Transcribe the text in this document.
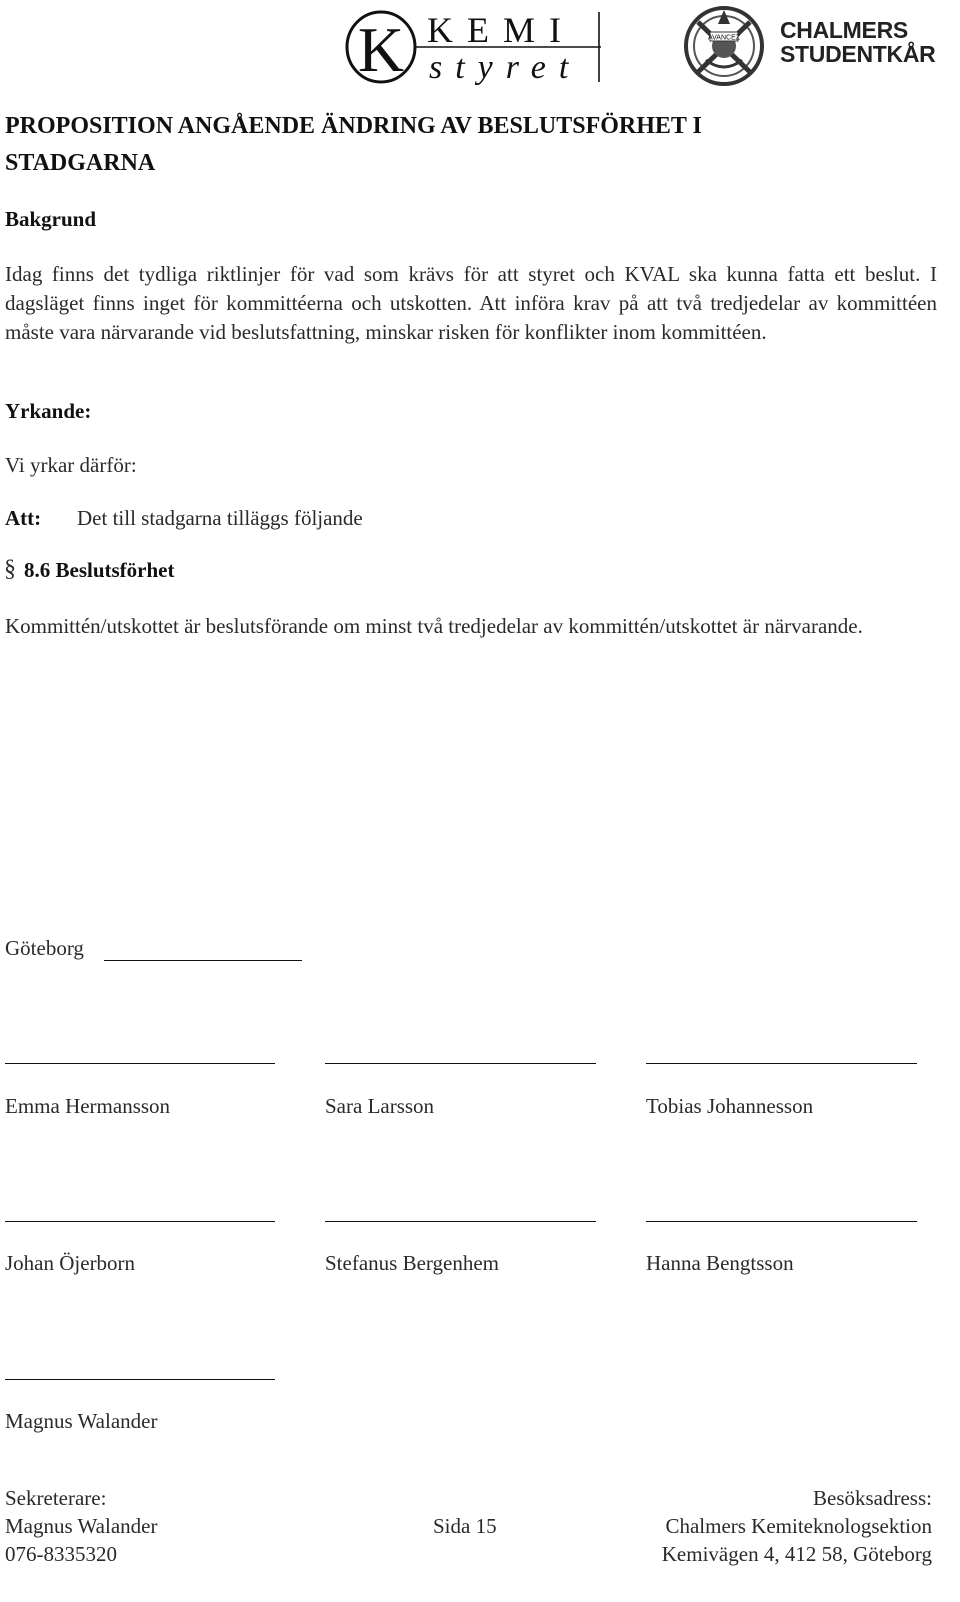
K KEMI
styret
AVANCEZ CHALMERS
STUDENTKÅR
PROPOSITION ANGÅENDE ÄNDRING AV BESLUTSFÖRHET I
STADGARNA
Bakgrund
Idag finns det tydliga riktlinjer för vad som krävs för att styret och KVAL ska kunna fatta ett beslut. I dagsläget finns inget för kommittéerna och utskotten. Att införa krav på att två tredjedelar av kommittéen måste vara närvarande vid beslutsfattning, minskar risken för konflikter inom kommittéen.
Yrkande:
Vi yrkar därför:
Att: Det till stadgarna tilläggs följande
§ 8.6 Beslutsförhet
Kommittén/utskottet är beslutsförande om minst två tredjedelar av kommittén/utskottet är närvarande.
Göteborg
Emma Hermansson	Sara Larsson	Tobias Johannesson
Johan Öjerborn	Stefanus Bergenhem	Hanna Bengtsson
Magnus Walander
Sekreterare:
Magnus Walander
076-8335320
Sida 15
Besöksadress:
Chalmers Kemiteknologsektion
Kemivägen 4, 412 58, Göteborg
